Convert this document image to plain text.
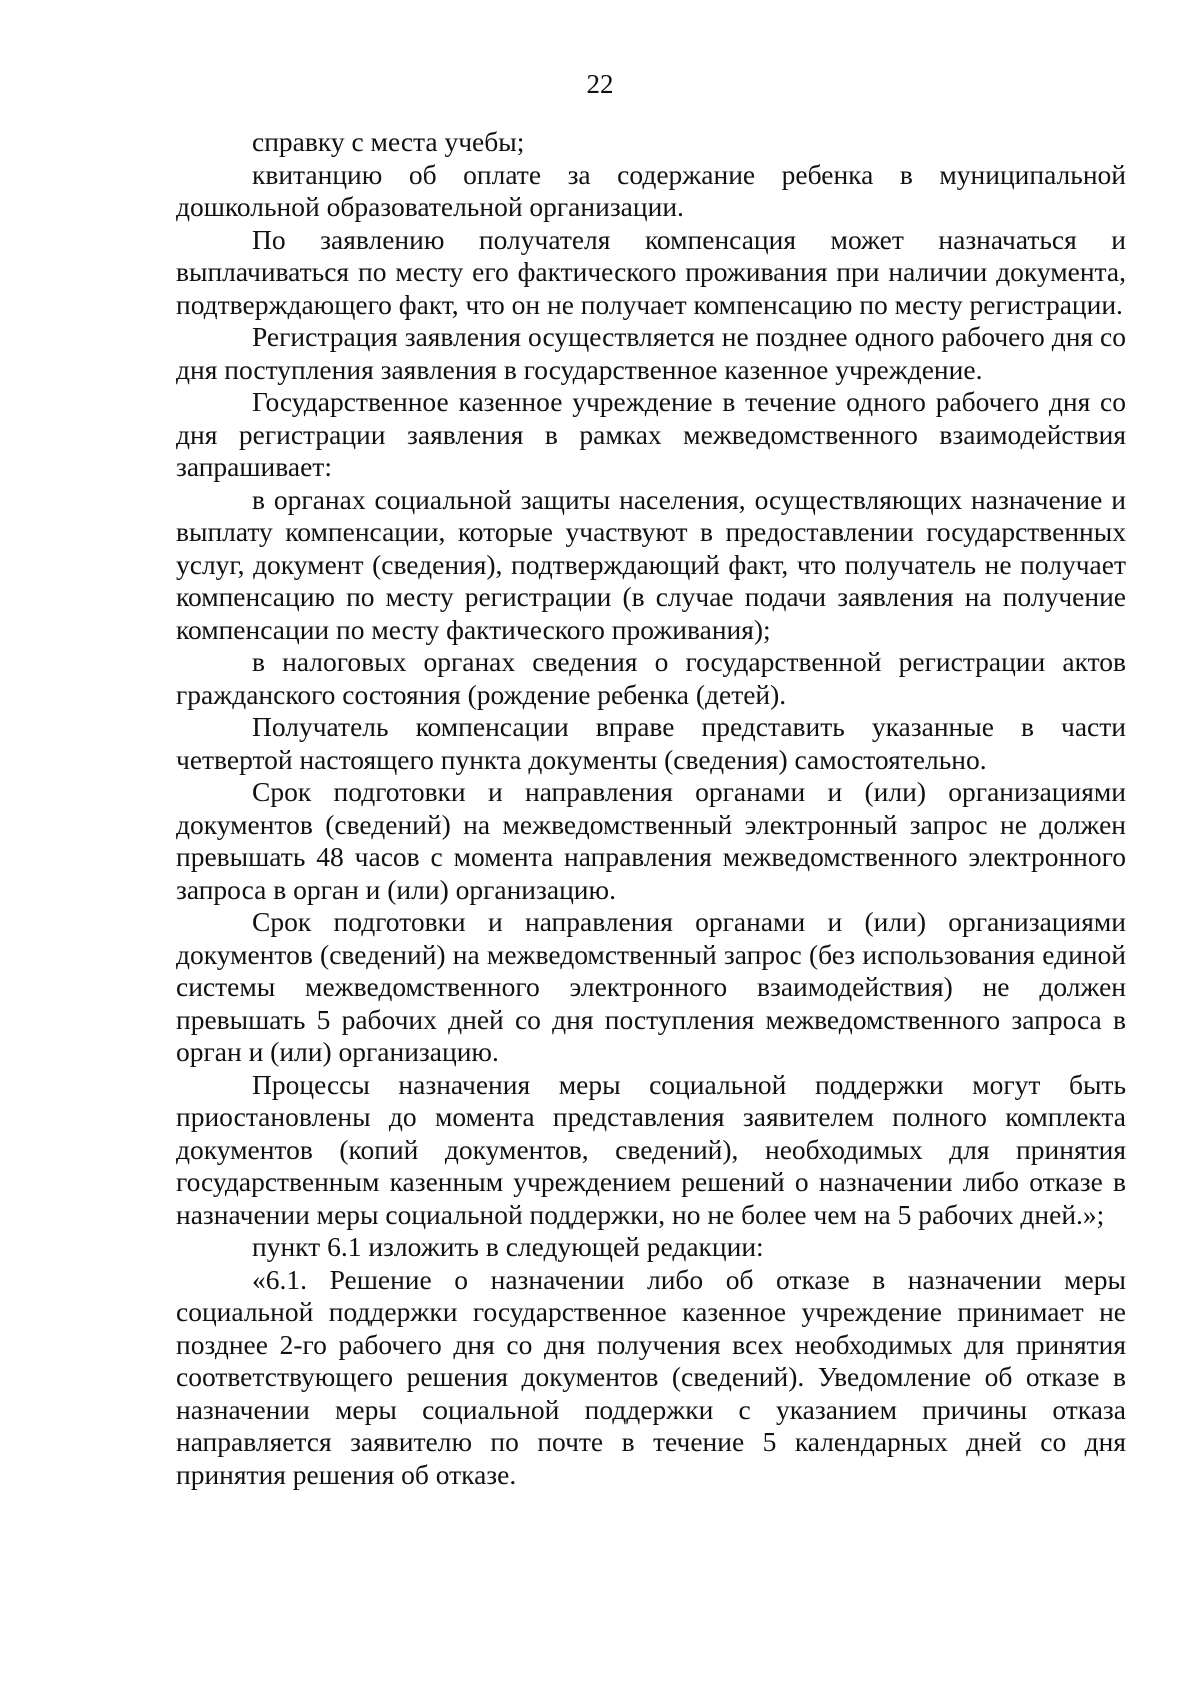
22

справку с места учебы;

квитанцию об оплате за содержание ребенка в муниципальной дошкольной образовательной организации.

По заявлению получателя компенсация может назначаться и выплачиваться по месту его фактического проживания при наличии документа, подтверждающего факт, что он не получает компенсацию по месту регистрации.

Регистрация заявления осуществляется не позднее одного рабочего дня со дня поступления заявления в государственное казенное учреждение.

Государственное казенное учреждение в течение одного рабочего дня со дня регистрации заявления в рамках межведомственного взаимодействия запрашивает:

в органах социальной защиты населения, осуществляющих назначение и выплату компенсации, которые участвуют в предоставлении государственных услуг, документ (сведения), подтверждающий факт, что получатель не получает компенсацию по месту регистрации (в случае подачи заявления на получение компенсации по месту фактического проживания);

в налоговых органах сведения о государственной регистрации актов гражданского состояния (рождение ребенка (детей).

Получатель компенсации вправе представить указанные в части четвертой настоящего пункта документы (сведения) самостоятельно.

Срок подготовки и направления органами и (или) организациями документов (сведений) на межведомственный электронный запрос не должен превышать 48 часов с момента направления межведомственного электронного запроса в орган и (или) организацию.

Срок подготовки и направления органами и (или) организациями документов (сведений) на межведомственный запрос (без использования единой системы межведомственного электронного взаимодействия) не должен превышать 5 рабочих дней со дня поступления межведомственного запроса в орган и (или) организацию.

Процессы назначения меры социальной поддержки могут быть приостановлены до момента представления заявителем полного комплекта документов (копий документов, сведений), необходимых для принятия государственным казенным учреждением решений о назначении либо отказе в назначении меры социальной поддержки, но не более чем на 5 рабочих дней.»;

пункт 6.1 изложить в следующей редакции:

«6.1. Решение о назначении либо об отказе в назначении меры социальной поддержки государственное казенное учреждение принимает не позднее 2-го рабочего дня со дня получения всех необходимых для принятия соответствующего решения документов (сведений). Уведомление об отказе в назначении меры социальной поддержки с указанием причины отказа направляется заявителю по почте в течение 5 календарных дней со дня принятия решения об отказе.
